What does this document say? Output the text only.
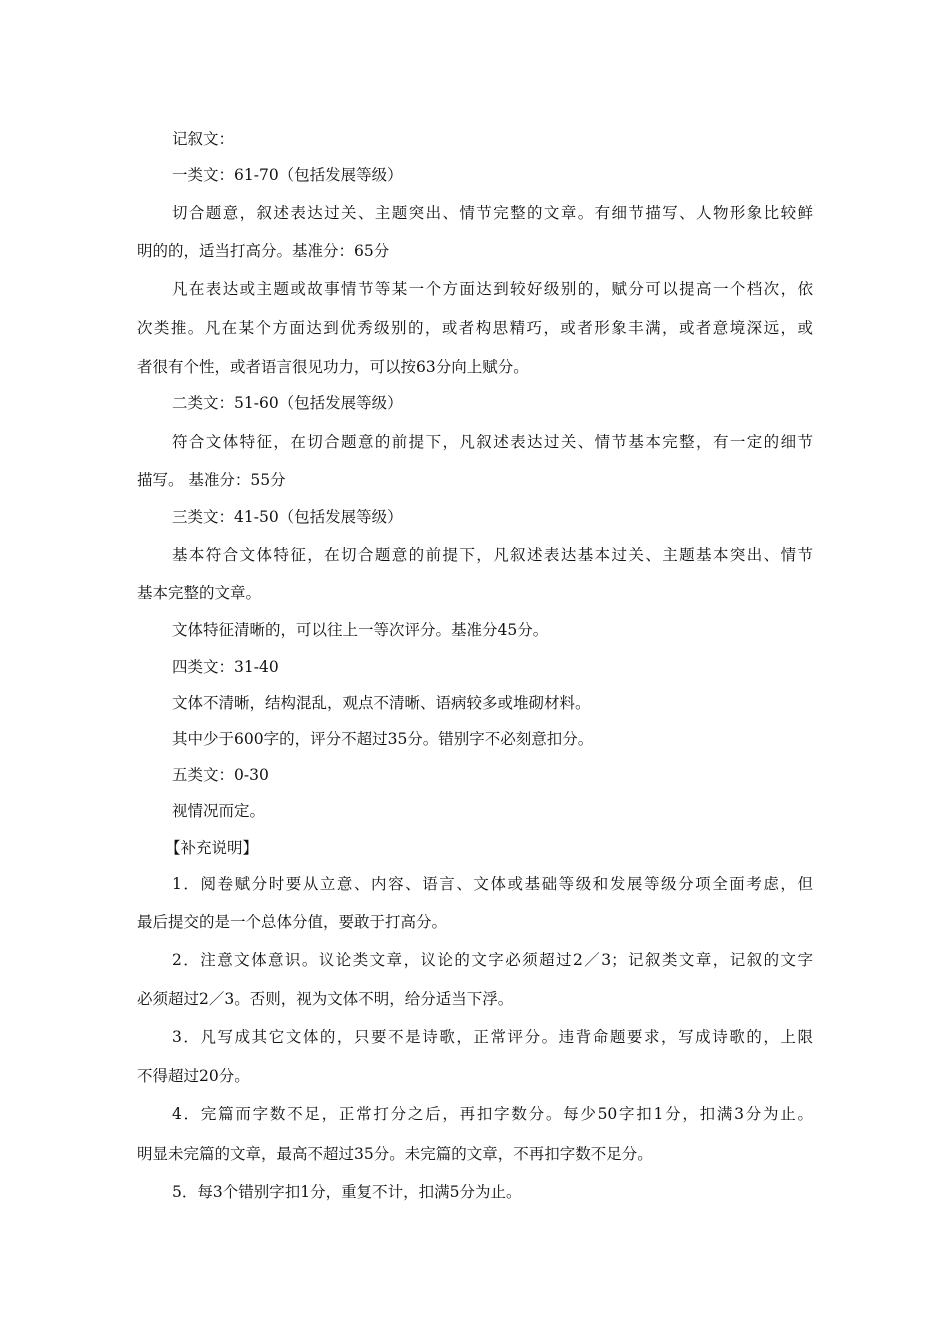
记叙文：
一类文：61-70（包括发展等级）
切合题意，叙述表达过关、主题突出、情节完整的文章。有细节描写、人物形象比较鲜
明的的，适当打高分。基准分：65分
凡在表达或主题或故事情节等某一个方面达到较好级别的，赋分可以提高一个档次，依
次类推。凡在某个方面达到优秀级别的，或者构思精巧，或者形象丰满，或者意境深远，或
者很有个性，或者语言很见功力，可以按63分向上赋分。
二类文：51-60（包括发展等级）
符合文体特征，在切合题意的前提下，凡叙述表达过关、情节基本完整，有一定的细节
描写。 基准分：55分
三类文：41-50（包括发展等级）
基本符合文体特征，在切合题意的前提下，凡叙述表达基本过关、主题基本突出、情节
基本完整的文章。
文体特征清晰的，可以往上一等次评分。基准分45分。
四类文：31-40
文体不清晰，结构混乱，观点不清晰、语病较多或堆砌材料。
其中少于600字的，评分不超过35分。错别字不必刻意扣分。
五类文：0-30
视情况而定。
【补充说明】
1．阅卷赋分时要从立意、内容、语言、文体或基础等级和发展等级分项全面考虑，但
最后提交的是一个总体分值，要敢于打高分。
2．注意文体意识。议论类文章，议论的文字必须超过2／3；记叙类文章，记叙的文字
必须超过2／3。否则，视为文体不明，给分适当下浮。
3．凡写成其它文体的，只要不是诗歌，正常评分。违背命题要求，写成诗歌的，上限
不得超过20分。
4．完篇而字数不足，正常打分之后，再扣字数分。每少50字扣1分，扣满3分为止。
明显未完篇的文章，最高不超过35分。未完篇的文章，不再扣字数不足分。
5．每3个错别字扣1分，重复不计，扣满5分为止。
